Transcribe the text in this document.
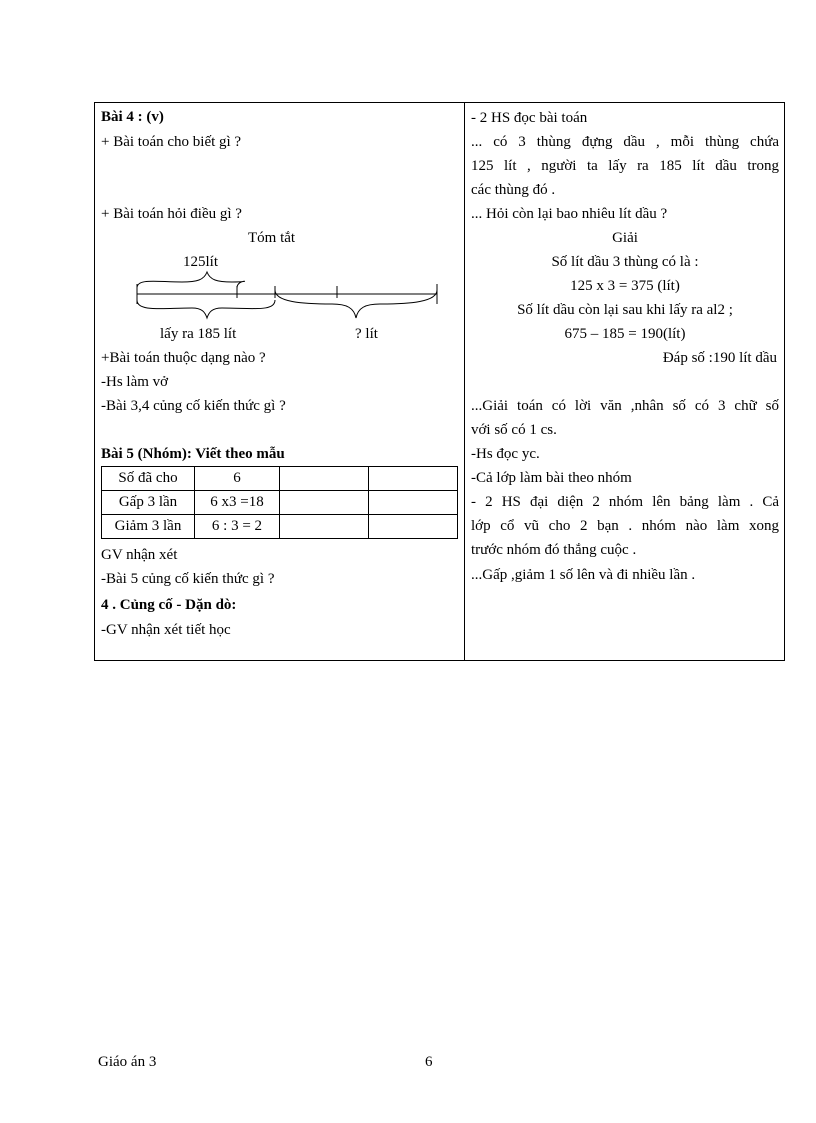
Bài 4 : (v)
+ Bài toán cho biết gì ?
+ Bài toán hỏi điều gì ?
Tóm tắt
125lít
lấy ra 185 lít	? lít
+Bài toán thuộc dạng nào ?
-Hs làm vở
-Bài 3,4 củng cố kiến thức gì ?
Bài 5 (Nhóm): Viết theo mẫu
Số đã cho	6		
Gấp 3 lần	6 x3 =18		
Giảm 3 lần	6 : 3 = 2		
GV nhận xét
-Bài 5 củng cố kiến thức gì ?
4 . Củng cố - Dặn dò:
-GV nhận xét tiết học
- 2 HS đọc bài toán
... có 3 thùng đựng dầu , mỗi thùng chứa
125 lít , người ta lấy ra 185 lít dầu trong
các thùng đó .
... Hỏi còn lại bao nhiêu lít dầu ?
Giải
Số lít dầu 3 thùng có là :
125 x 3 = 375 (lít)
Số lít dầu còn lại sau khi lấy ra al2 ;
675 – 185 = 190(lít)
Đáp số :190 lít dầu
...Giải toán có lời văn ,nhân số có 3 chữ số
với số có 1 cs.
-Hs đọc yc.
-Cả lớp làm bài theo nhóm
- 2 HS đại diện 2 nhóm lên bảng làm . Cả
lớp cổ vũ cho 2 bạn . nhóm nào làm xong
trước nhóm đó thắng cuộc .
...Gấp ,giảm 1 số lên và đi nhiều lần .
Giáo án 3	6
